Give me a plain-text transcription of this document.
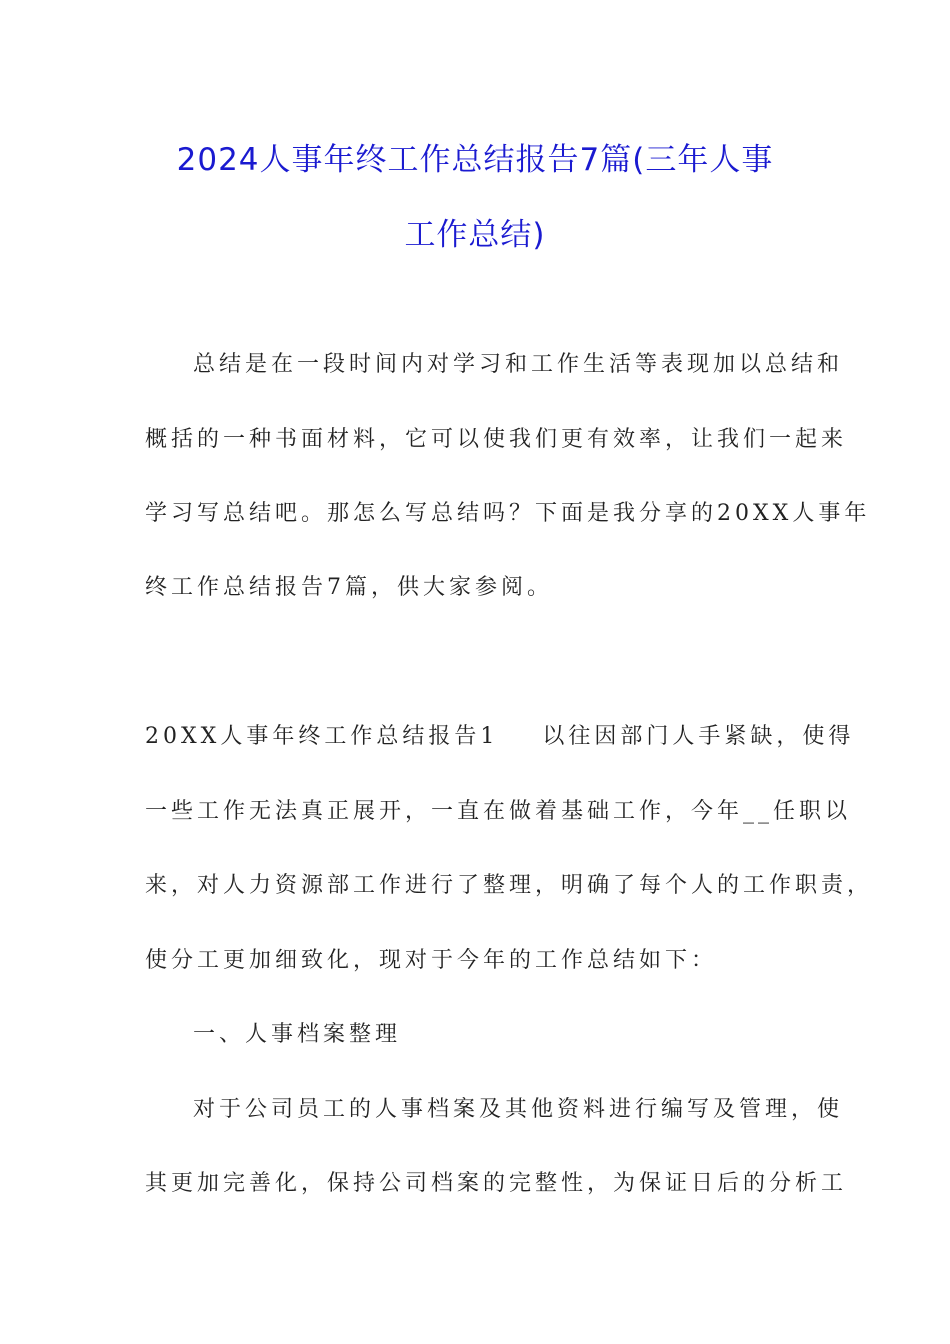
2024人事年终工作总结报告7篇(三年人事
工作总结)
总结是在一段时间内对学习和工作生活等表现加以总结和
概括的一种书面材料，它可以使我们更有效率，让我们一起来
学习写总结吧。那怎么写总结吗？下面是我分享的20XX人事年
终工作总结报告7篇，供大家参阅。
20XX人事年终工作总结报告1 以往因部门人手紧缺，使得
一些工作无法真正展开，一直在做着基础工作，今年__任职以
来，对人力资源部工作进行了整理，明确了每个人的工作职责，
使分工更加细致化，现对于今年的工作总结如下：
一、人事档案整理
对于公司员工的人事档案及其他资料进行编写及管理，使
其更加完善化，保持公司档案的完整性，为保证日后的分析工
